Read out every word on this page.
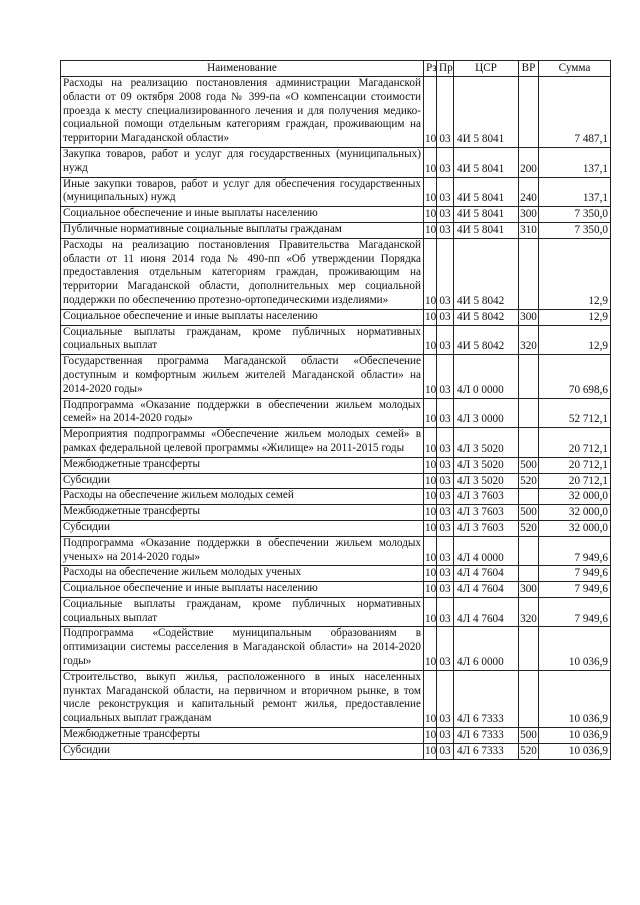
Наименование	Рз	Пр	ЦСР	ВР	Сумма
Расходы на реализацию постановления администрации Магаданской области от 09 октября 2008 года № 399-па «О компенсации стоимости проезда к месту специализированного лечения и для получения медико-социальной помощи отдельным категориям граждан, проживающим на территории Магаданской области»	10	03	4И 5 8041		7 487,1
Закупка товаров, работ и услуг для государственных (муниципальных) нужд	10	03	4И 5 8041	200	137,1
Иные закупки товаров, работ и услуг для обеспечения государственных (муниципальных) нужд	10	03	4И 5 8041	240	137,1
Социальное обеспечение и иные выплаты населению	10	03	4И 5 8041	300	7 350,0
Публичные нормативные социальные выплаты гражданам	10	03	4И 5 8041	310	7 350,0
Расходы на реализацию постановления Правительства Магаданской области от 11 июня 2014 года № 490-пп «Об утверждении Порядка предоставления отдельным категориям граждан, проживающим на территории Магаданской области, дополнительных мер социальной поддержки по обеспечению протезно-ортопедическими изделиями»	10	03	4И 5 8042		12,9
Социальное обеспечение и иные выплаты населению	10	03	4И 5 8042	300	12,9
Социальные выплаты гражданам, кроме публичных нормативных социальных выплат	10	03	4И 5 8042	320	12,9
Государственная программа Магаданской области «Обеспечение доступным и комфортным жильем жителей Магаданской области» на 2014-2020 годы»	10	03	4Л 0 0000		70 698,6
Подпрограмма «Оказание поддержки в обеспечении жильем молодых семей» на 2014-2020 годы»	10	03	4Л 3 0000		52 712,1
Мероприятия подпрограммы «Обеспечение жильем молодых семей» в рамках федеральной целевой программы «Жилище» на 2011-2015 годы	10	03	4Л 3 5020		20 712,1
Межбюджетные трансферты	10	03	4Л 3 5020	500	20 712,1
Субсидии	10	03	4Л 3 5020	520	20 712,1
Расходы на обеспечение жильем молодых семей	10	03	4Л 3 7603		32 000,0
Межбюджетные трансферты	10	03	4Л 3 7603	500	32 000,0
Субсидии	10	03	4Л 3 7603	520	32 000,0
Подпрограмма «Оказание поддержки в обеспечении жильем молодых ученых» на 2014-2020 годы»	10	03	4Л 4 0000		7 949,6
Расходы на обеспечение жильем молодых ученых	10	03	4Л 4 7604		7 949,6
Социальное обеспечение и иные выплаты населению	10	03	4Л 4 7604	300	7 949,6
Социальные выплаты гражданам, кроме публичных нормативных социальных выплат	10	03	4Л 4 7604	320	7 949,6
Подпрограмма «Содействие муниципальным образованиям в оптимизации системы расселения в Магаданской области» на 2014-2020 годы»	10	03	4Л 6 0000		10 036,9
Строительство, выкуп жилья, расположенного в иных населенных пунктах Магаданской области, на первичном и вторичном рынке, в том числе реконструкция и капитальный ремонт жилья, предоставление социальных выплат гражданам	10	03	4Л 6 7333		10 036,9
Межбюджетные трансферты	10	03	4Л 6 7333	500	10 036,9
Субсидии	10	03	4Л 6 7333	520	10 036,9
